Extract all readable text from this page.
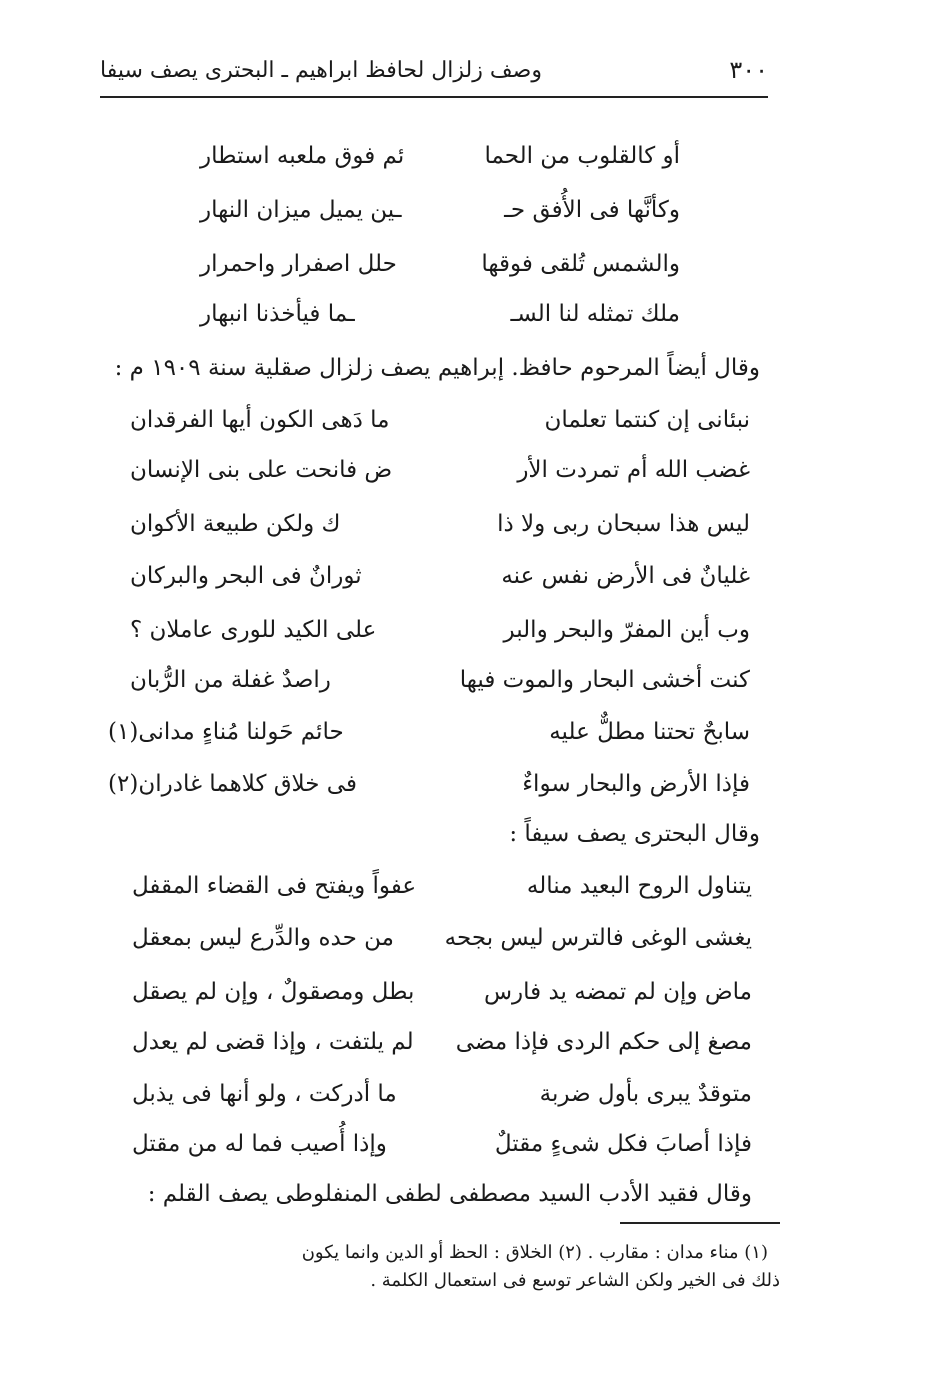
٣٠٠
وصف زلزال لحافظ ابراهيم ـ البحترى يصف سيفا
أو كالقلوب من الحما
ئم فوق ملعبه استطار
وكأنَّها فى الأُفق حـ
ـين يميل ميزان النهار
والشمس تُلقى فوقها
حلل اصفرار واحمرار
ملك تمثله لنا السـ
ـما فيأخذنا انبهار
وقال أيضاً المرحوم حافظ. إبراهيم يصف زلزال صقلية سنة ١٩٠٩ م :
نبئانى إن كنتما تعلمان
ما دَهى الكون أيها الفرقدان
غضب الله أم تمردت الأر
ض فانحت على بنى الإنسان
ليس هذا سبحان ربى ولا ذا
ك ولكن طبيعة الأكوان
غليانٌ فى الأرض نفس عنه
ثورانٌ فى البحر والبركان
وب أين المفرّ والبحر والبر
على الكيد للورى عاملان ؟
كنت أخشى البحار والموت فيها
راصدٌ غفلة من الرُّبان
سابحٌ تحتنا مطلٌّ عليه
حائم حَولنا مُناءٍ مدانى(١)
فإذا الأرض والبحار سواءٌ
فى خلاق كلاهما غادران(٢)
وقال البحترى يصف سيفاً :
يتناول الروح البعيد مناله
عفواً ويفتح فى القضاء المقفل
يغشى الوغى فالترس ليس بجحه
من حده والدِّرع ليس بمعقل
ماض وإن لم تمضه يد فارس
بطل ومصقولٌ ، وإن لم يصقل
مصغ إلى حكم الردى فإذا مضى
لم يلتفت ، وإذا قضى لم يعدل
متوقدٌ يبرى بأول ضربة
ما أدركت ، ولو أنها فى يذبل
فإذا أصابَ فكل شىءٍ مقتلٌ
وإذا أُصيب فما له من مقتل
وقال فقيد الأدب السيد مصطفى لطفى المنفلوطى يصف القلم :
(١) مناء مدان : مقارب . (٢) الخلاق : الحظ أو الدين وانما يكون
ذلك فى الخير ولكن الشاعر توسع فى استعمال الكلمة .
